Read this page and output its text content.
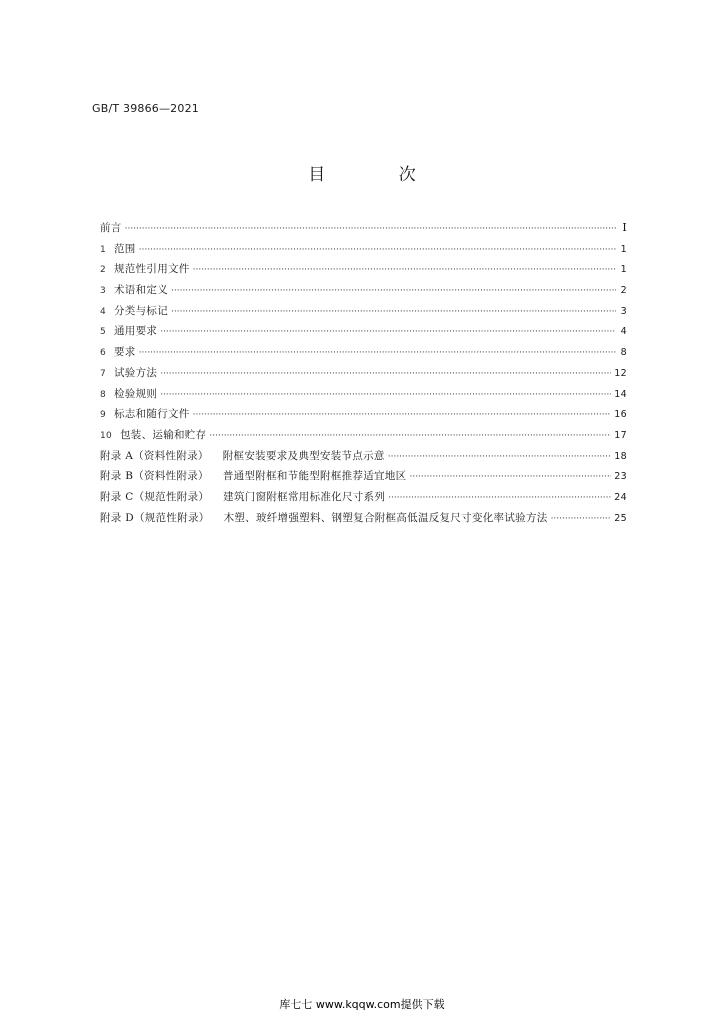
GB/T 39866—2021
目 次
前言 ·····	Ⅰ
1 范围 ·····	1
2 规范性引用文件 ·····	1
3 术语和定义 ·····	2
4 分类与标记 ·····	3
5 通用要求 ·····	4
6 要求 ·····	8
7 试验方法 ·····	12
8 检验规则 ·····	14
9 标志和随行文件 ·····	16
10 包装、运输和贮存 ·····	17
附录 A（资料性附录） 附框安装要求及典型安装节点示意 ·····	18
附录 B（资料性附录） 普通型附框和节能型附框推荐适宜地区 ·····	23
附录 C（规范性附录） 建筑门窗附框常用标准化尺寸系列 ·····	24
附录 D（规范性附录） 木塑、玻纤增强塑料、钢塑复合附框高低温反复尺寸变化率试验方法 ·····	25
库七七 www.kqqw.com提供下载
